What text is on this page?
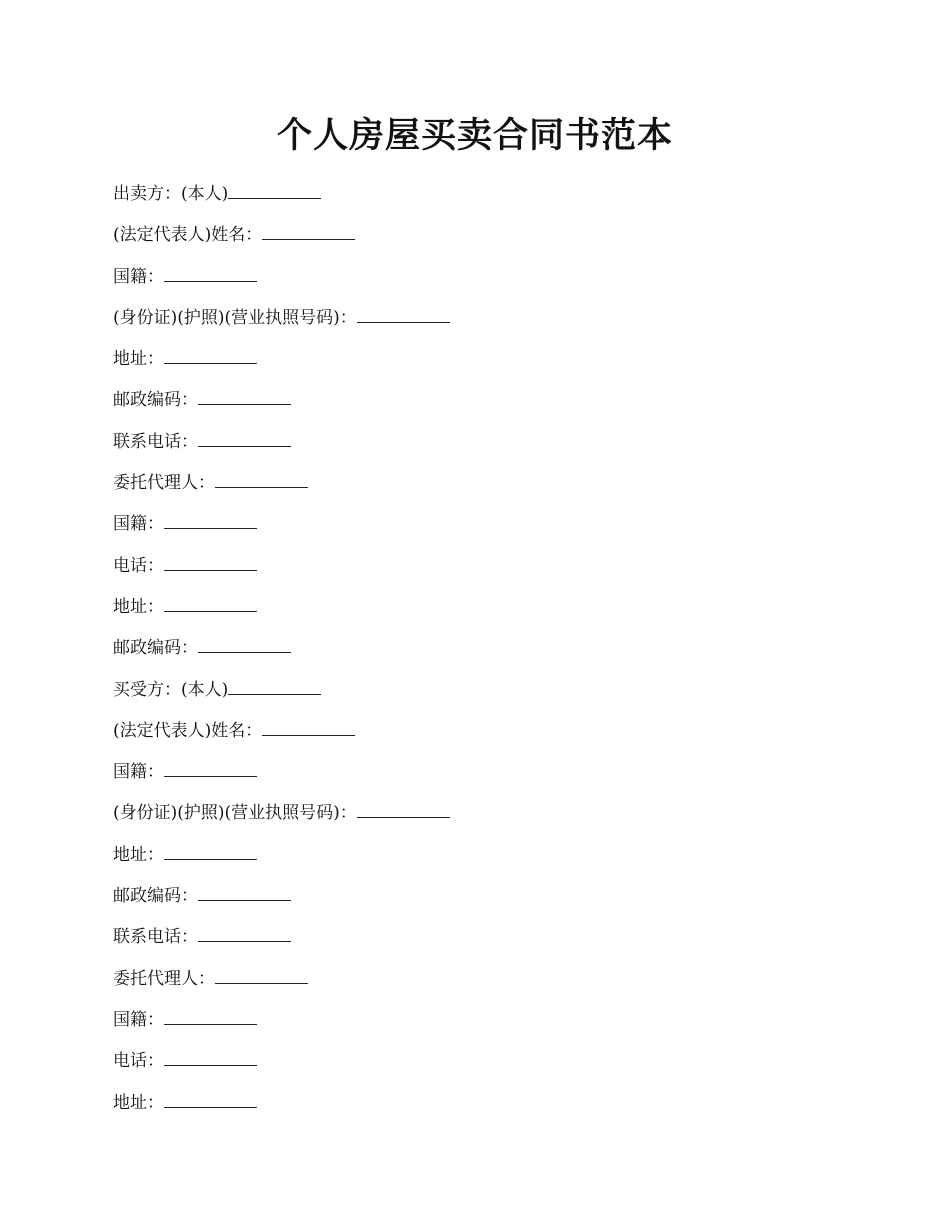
个人房屋买卖合同书范本
出卖方：(本人)
(法定代表人)姓名：
国籍：
(身份证)(护照)(营业执照号码)：
地址：
邮政编码：
联系电话：
委托代理人：
国籍：
电话：
地址：
邮政编码：
买受方：(本人)
(法定代表人)姓名：
国籍：
(身份证)(护照)(营业执照号码)：
地址：
邮政编码：
联系电话：
委托代理人：
国籍：
电话：
地址：
